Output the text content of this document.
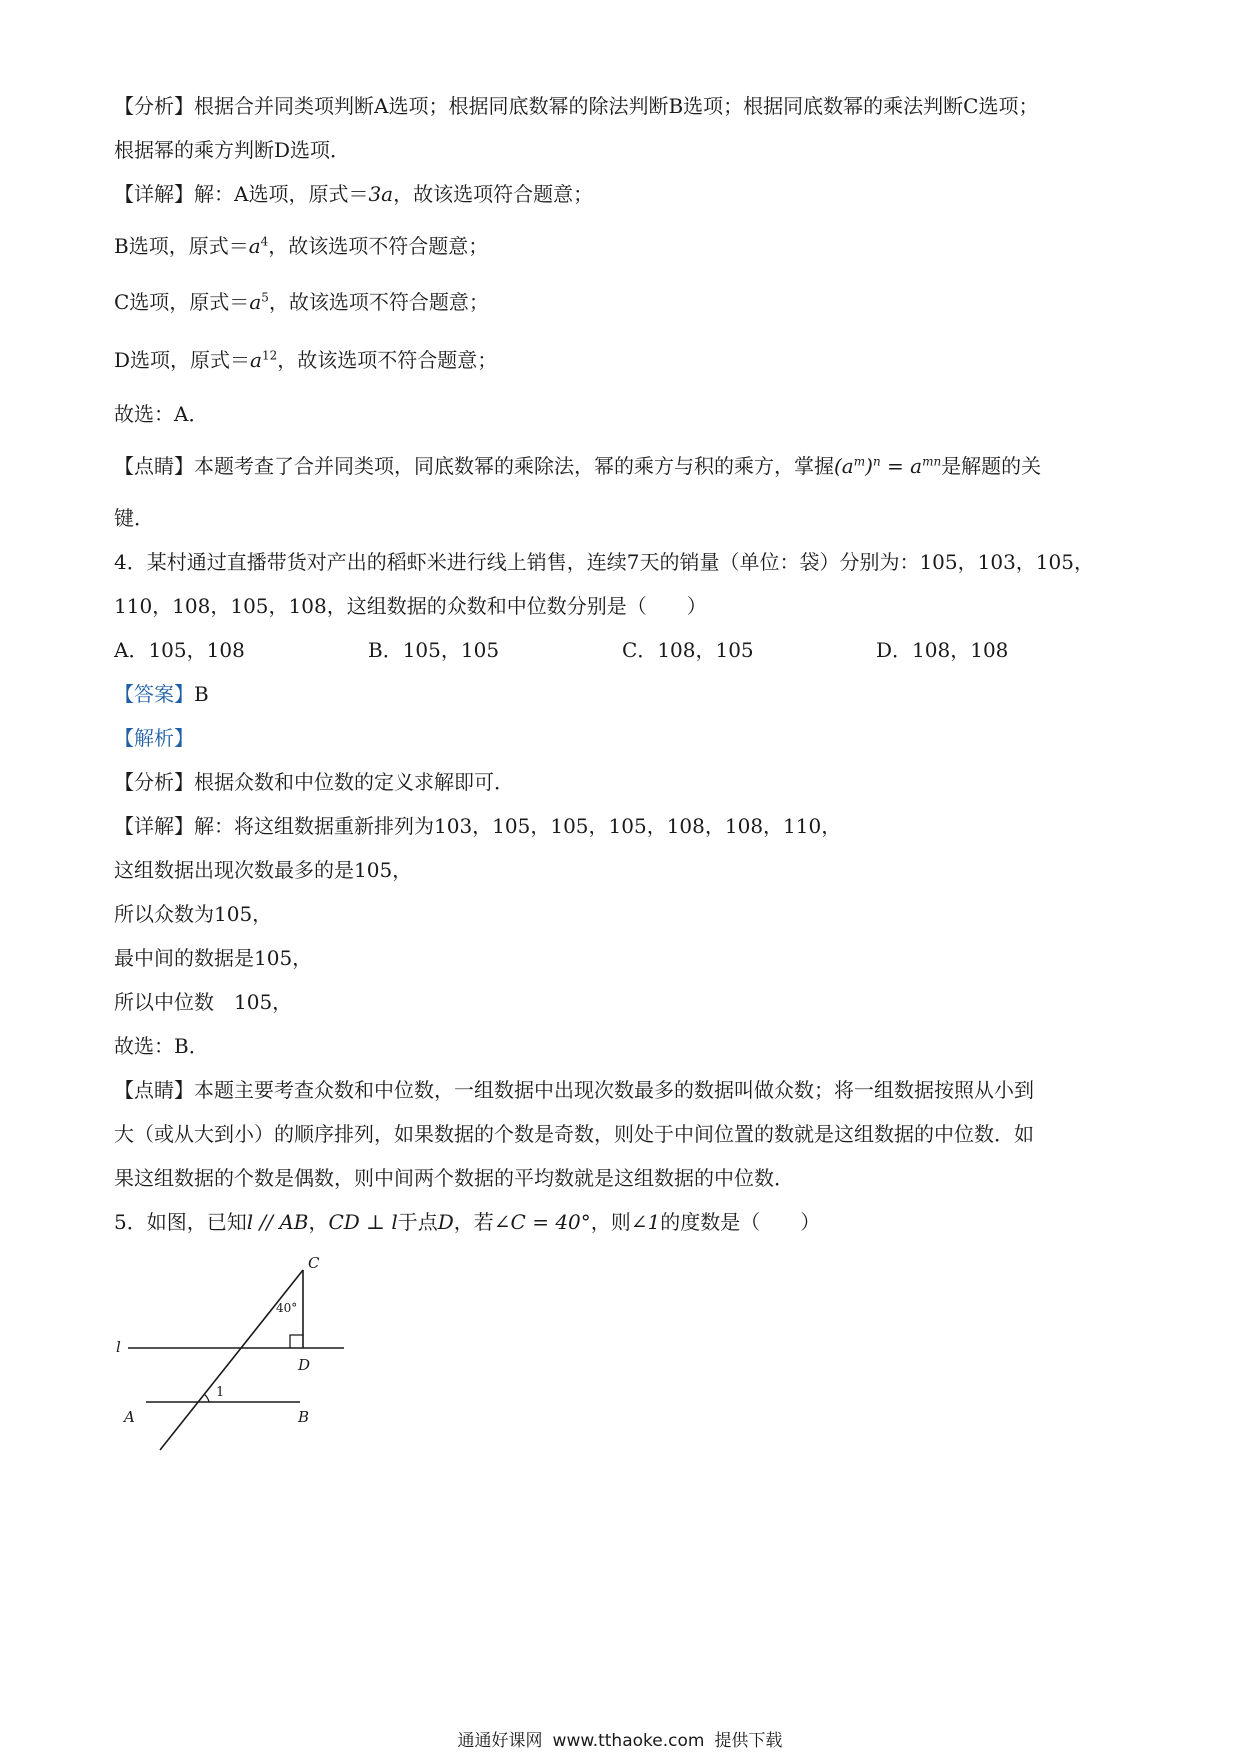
【分析】根据合并同类项判断A选项；根据同底数幂的除法判断B选项；根据同底数幂的乘法判断C选项；
根据幂的乘方判断D选项．
【详解】解：A选项，原式＝3a，故该选项符合题意；
B选项，原式$=a^4$，故该选项不符合题意；
C选项，原式$=a^5$，故该选项不符合题意；
D选项，原式$=a^{12}$，故该选项不符合题意；
故选：A．
【点睛】本题考查了合并同类项，同底数幂的乘除法，幂的乘方与积的乘方，掌握$(a^m)^n = a^{mn}$是解题的关
键．
4．某村通过直播带货对产出的稻虾米进行线上销售，连续7天的销量（单位：袋）分别为：105，103，105，
110，108，105，108，这组数据的众数和中位数分别是（　　）
A．105，108	B．105，105	C．108，105	D．108，108
【答案】B
【解析】
【分析】根据众数和中位数的定义求解即可．
【详解】解：将这组数据重新排列为103，105，105，105，108，108，110，
这组数据出现次数最多的是105，
所以众数为105，
最中间的数据是105，
所以中位数　105，
故选：B．
【点睛】本题主要考查众数和中位数，一组数据中出现次数最多的数据叫做众数；将一组数据按照从小到
大（或从大到小）的顺序排列，如果数据的个数是奇数，则处于中间位置的数就是这组数据的中位数．如
果这组数据的个数是偶数，则中间两个数据的平均数就是这组数据的中位数．
5．如图，已知l // AB，CD ⊥ l于点D，若∠C = 40°，则∠1的度数是（　　）
C
40°
l
D
1
A	B
通通好课网 www.tthaoke.com 提供下载
